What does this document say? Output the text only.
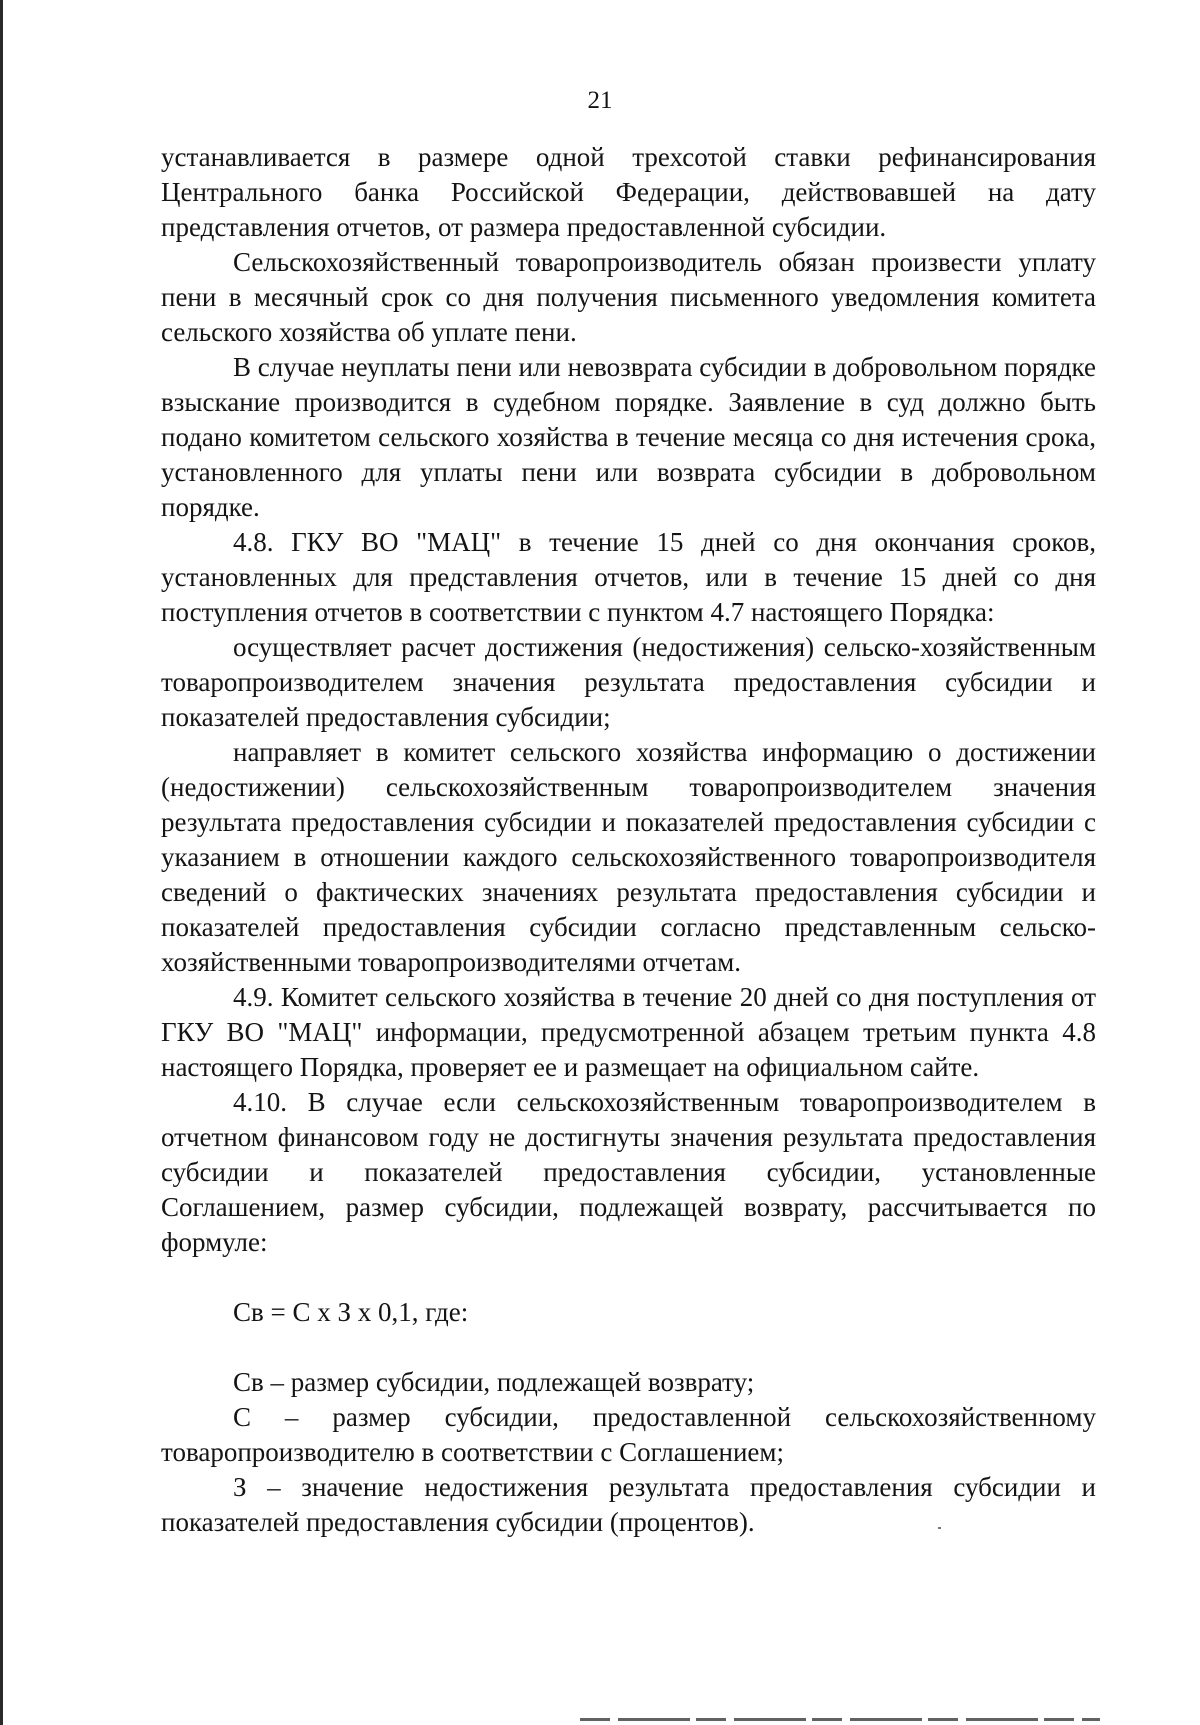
21

устанавливается в размере одной трехсотой ставки рефинансирования Центрального банка Российской Федерации, действовавшей на дату представления отчетов, от размера предоставленной субсидии.

Сельскохозяйственный товаропроизводитель обязан произвести уплату пени в месячный срок со дня получения письменного уведомления комитета сельского хозяйства об уплате пени.

В случае неуплаты пени или невозврата субсидии в добровольном порядке взыскание производится в судебном порядке. Заявление в суд должно быть подано комитетом сельского хозяйства в течение месяца со дня истечения срока, установленного для уплаты пени или возврата субсидии в добровольном порядке.

4.8. ГКУ ВО "МАЦ" в течение 15 дней со дня окончания сроков, установленных для представления отчетов, или в течение 15 дней со дня поступления отчетов в соответствии с пунктом 4.7 настоящего Порядка:

осуществляет расчет достижения (недостижения) сельско-хозяйственным товаропроизводителем значения результата предоставления субсидии и показателей предоставления субсидии;

направляет в комитет сельского хозяйства информацию о достижении (недостижении) сельскохозяйственным товаропроизводителем значения результата предоставления субсидии и показателей предоставления субсидии с указанием в отношении каждого сельскохозяйственного товаропроизводителя сведений о фактических значениях результата предоставления субсидии и показателей предоставления субсидии согласно представленным сельско-хозяйственными товаропроизводителями отчетам.

4.9. Комитет сельского хозяйства в течение 20 дней со дня поступления от ГКУ ВО "МАЦ" информации, предусмотренной абзацем третьим пункта 4.8 настоящего Порядка, проверяет ее и размещает на официальном сайте.

4.10. В случае если сельскохозяйственным товаропроизводителем в отчетном финансовом году не достигнуты значения результата предоставления субсидии и показателей предоставления субсидии, установленные Соглашением, размер субсидии, подлежащей возврату, рассчитывается по формуле:

Св = С х З х 0,1, где:

Св – размер субсидии, подлежащей возврату;

С – размер субсидии, предоставленной сельскохозяйственному товаропроизводителю в соответствии с Соглашением;

З – значение недостижения результата предоставления субсидии и показателей предоставления субсидии (процентов).
